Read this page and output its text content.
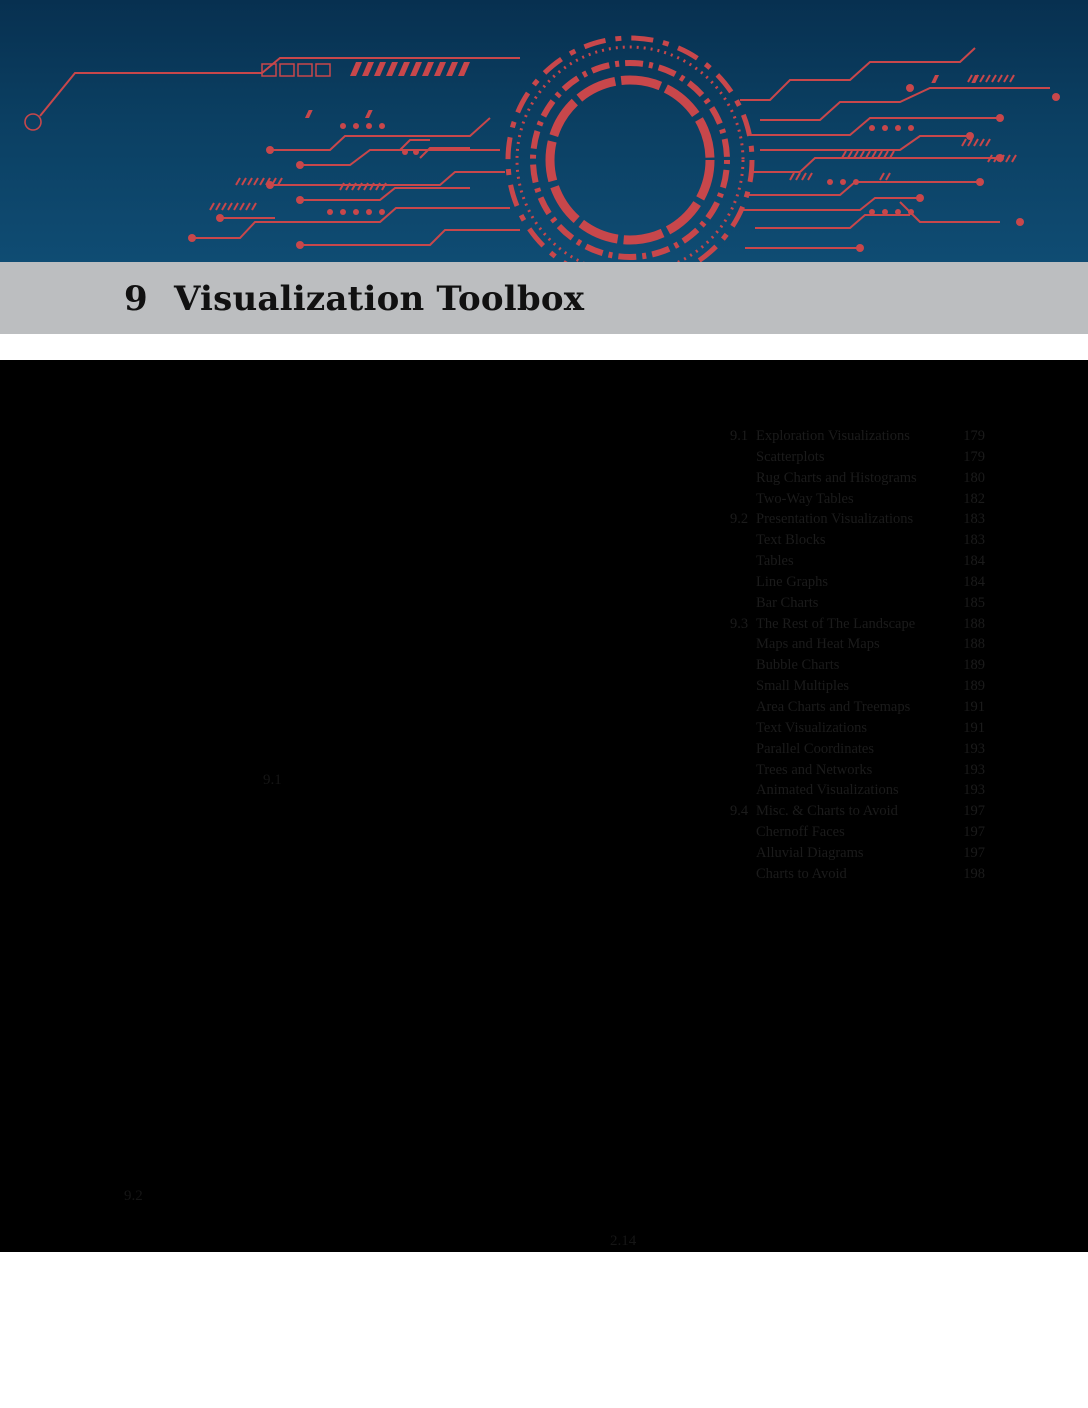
9 Visualization Toolbox
9.1 Exploration Visualizations	179
Scatterplots	179
Rug Charts and Histograms	180
Two-Way Tables	182
9.2 Presentation Visualizations	183
Text Blocks	183
Tables	184
Line Graphs	184
Bar Charts	185
9.3 The Rest of The Landscape	188
Maps and Heat Maps	188
Bubble Charts	189
Small Multiples	189
Area Charts and Treemaps	191
Text Visualizations	191
Parallel Coordinates	193
Trees and Networks	193
Animated Visualizations	193
9.4 Misc. & Charts to Avoid	197
Chernoff Faces	197
Alluvial Diagrams	197
Charts to Avoid	198
9.1
9.2
2.14
